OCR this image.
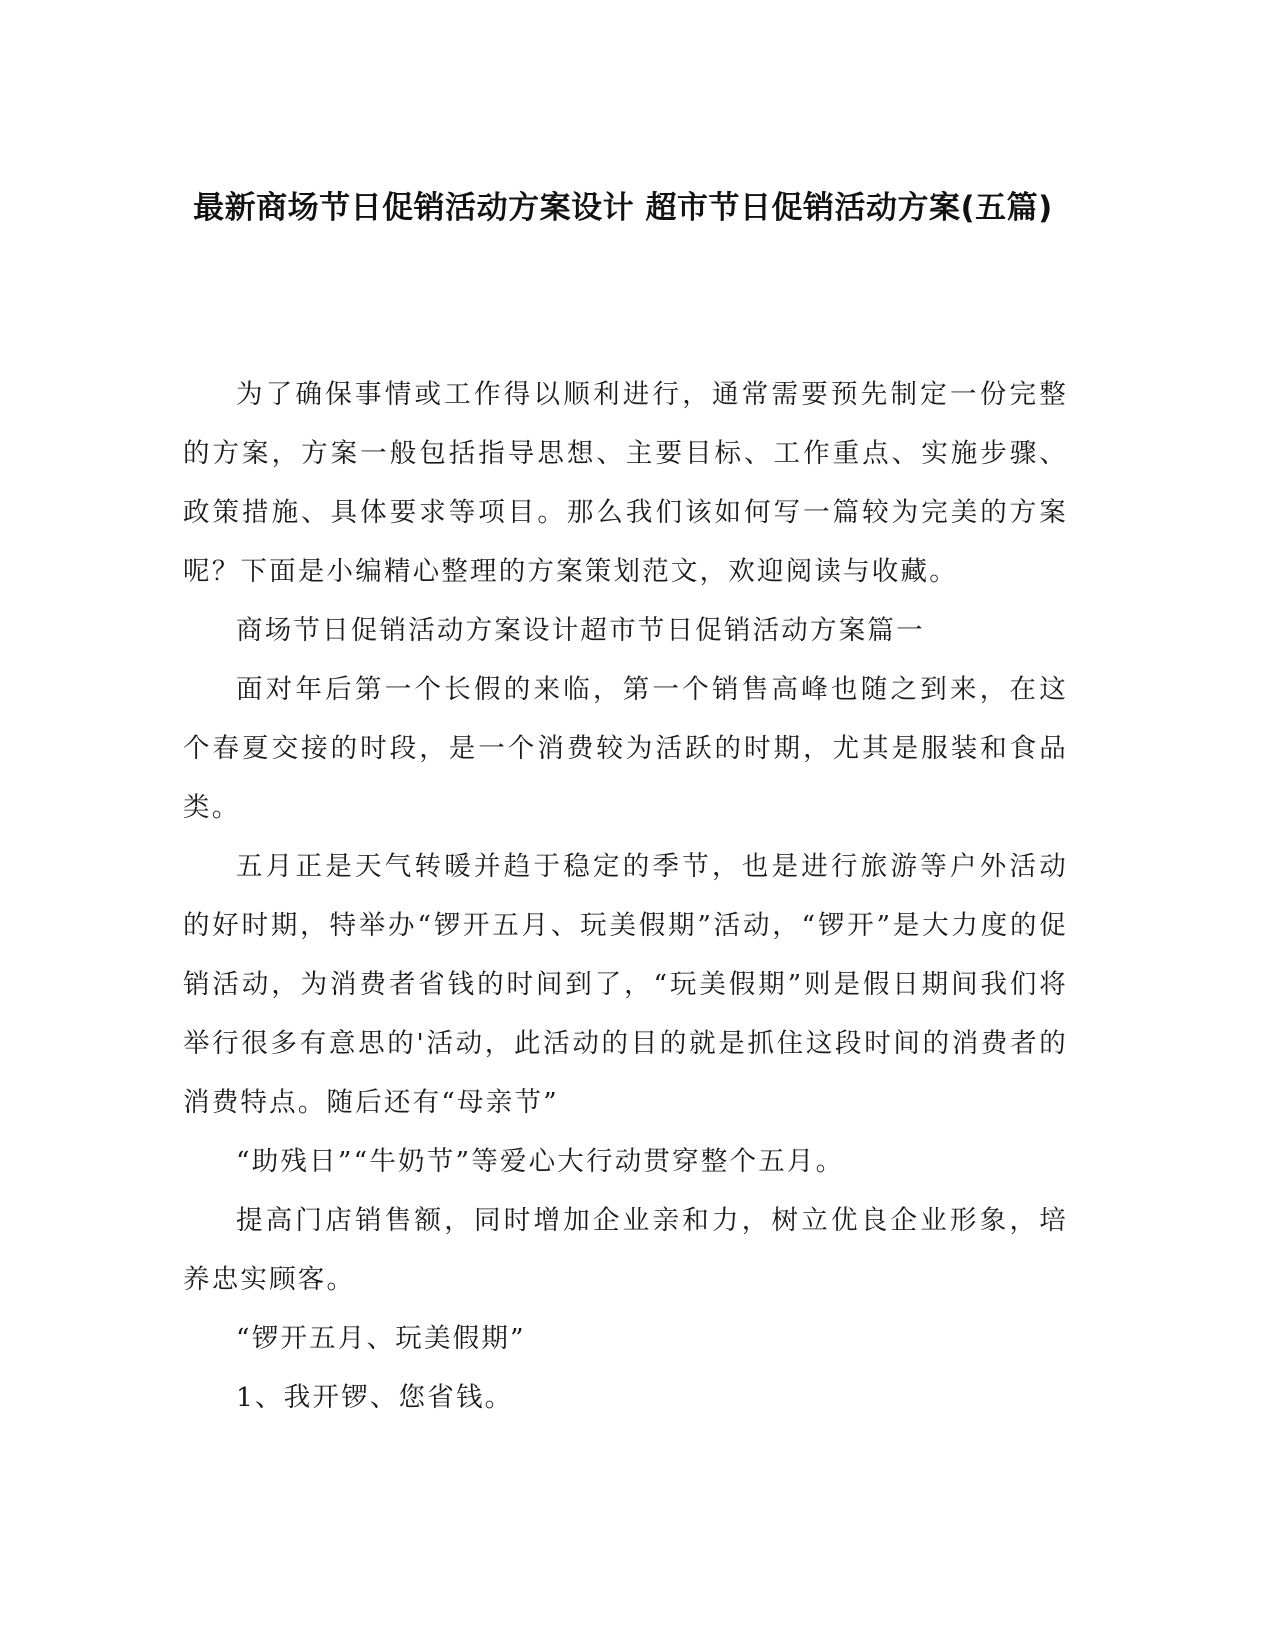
最新商场节日促销活动方案设计 超市节日促销活动方案(五篇)

为了确保事情或工作得以顺利进行，通常需要预先制定一份完整的方案，方案一般包括指导思想、主要目标、工作重点、实施步骤、政策措施、具体要求等项目。那么我们该如何写一篇较为完美的方案呢？下面是小编精心整理的方案策划范文，欢迎阅读与收藏。

商场节日促销活动方案设计超市节日促销活动方案篇一

面对年后第一个长假的来临，第一个销售高峰也随之到来，在这个春夏交接的时段，是一个消费较为活跃的时期，尤其是服装和食品类。

五月正是天气转暖并趋于稳定的季节，也是进行旅游等户外活动的好时期，特举办“锣开五月、玩美假期”活动，“锣开”是大力度的促销活动，为消费者省钱的时间到了，“玩美假期”则是假日期间我们将举行很多有意思的'活动，此活动的目的就是抓住这段时间的消费者的消费特点。随后还有“母亲节”

“助残日”“牛奶节”等爱心大行动贯穿整个五月。

提高门店销售额，同时增加企业亲和力，树立优良企业形象，培养忠实顾客。

“锣开五月、玩美假期”

1、我开锣、您省钱。
